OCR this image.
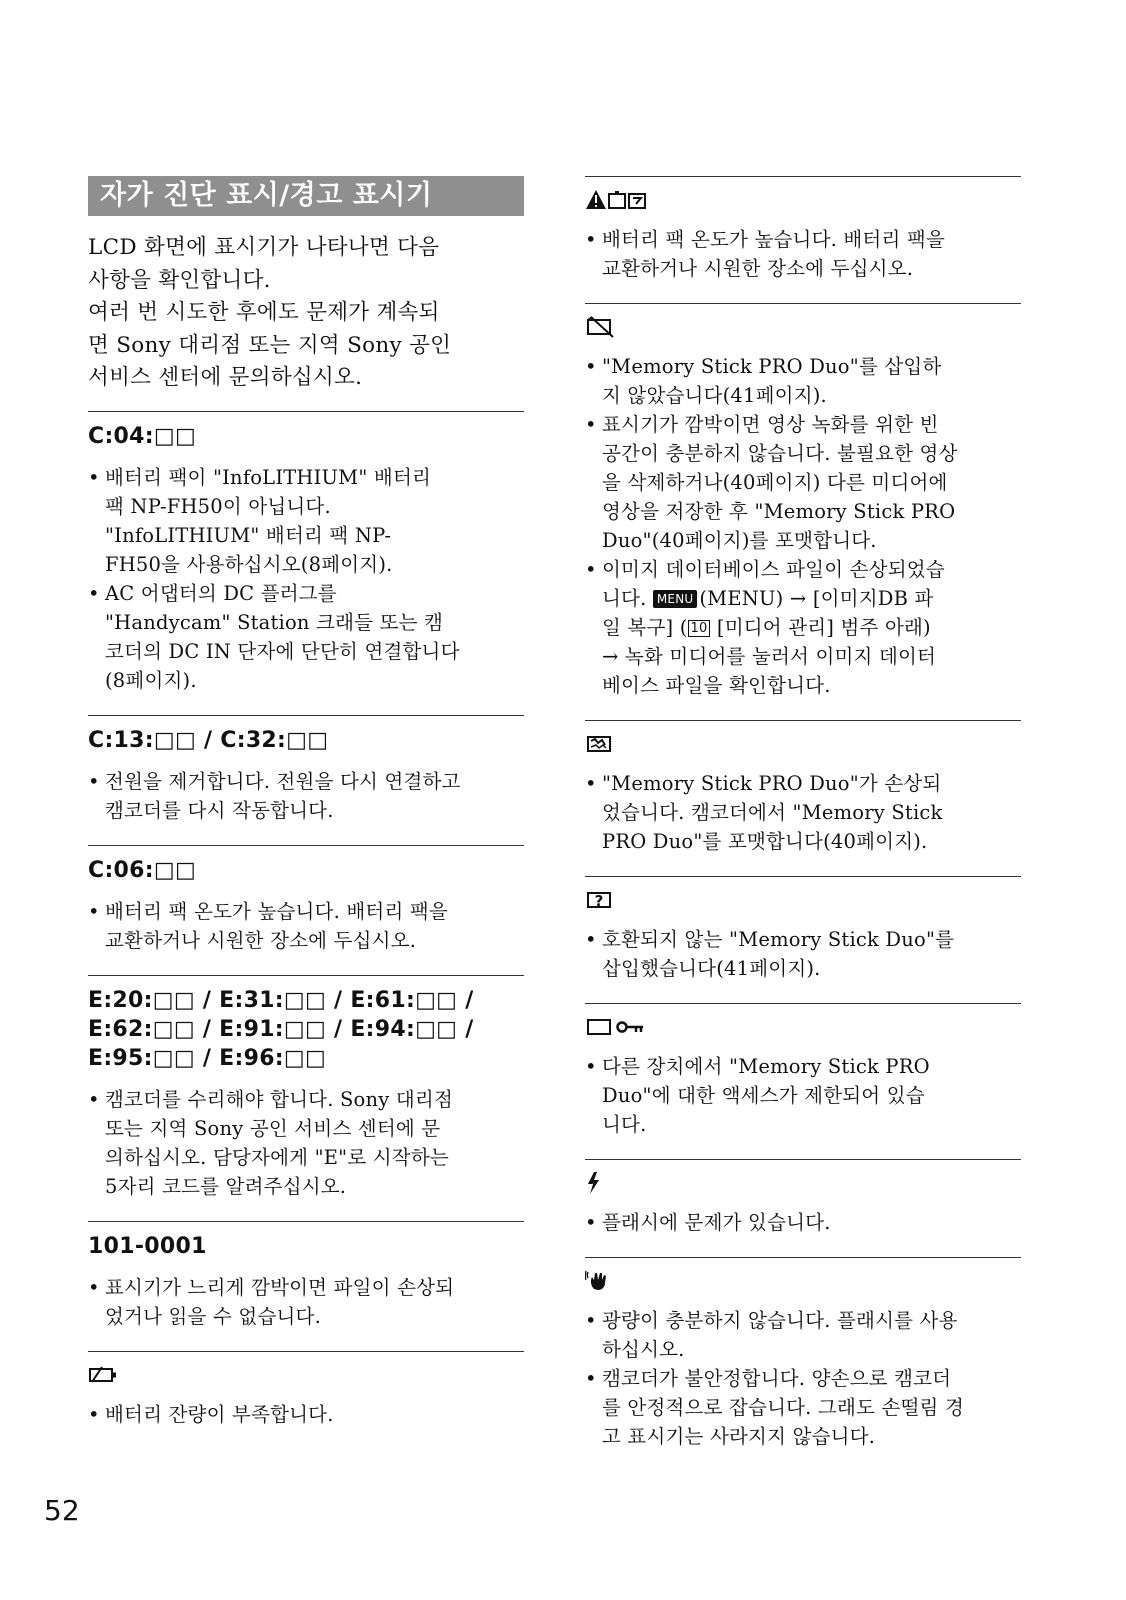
자가 진단 표시/경고 표시기
LCD 화면에 표시기가 나타나면 다음
사항을 확인합니다.
여러 번 시도한 후에도 문제가 계속되
면 Sony 대리점 또는 지역 Sony 공인
서비스 센터에 문의하십시오.
C:04:□□
• 배터리 팩이 "InfoLITHIUM" 배터리
팩 NP-FH50이 아닙니다.
"InfoLITHIUM" 배터리 팩 NP-
FH50을 사용하십시오(8페이지).
• AC 어댑터의 DC 플러그를
"Handycam" Station 크래들 또는 캠
코더의 DC IN 단자에 단단히 연결합니다
(8페이지).
C:13:□□ / C:32:□□
• 전원을 제거합니다. 전원을 다시 연결하고
캠코더를 다시 작동합니다.
C:06:□□
• 배터리 팩 온도가 높습니다. 배터리 팩을
교환하거나 시원한 장소에 두십시오.
E:20:□□ / E:31:□□ / E:61:□□ /
E:62:□□ / E:91:□□ / E:94:□□ /
E:95:□□ / E:96:□□
• 캠코더를 수리해야 합니다. Sony 대리점
또는 지역 Sony 공인 서비스 센터에 문
의하십시오. 담당자에게 "E"로 시작하는
5자리 코드를 알려주십시오.
101-0001
• 표시기가 느리게 깜박이면 파일이 손상되
었거나 읽을 수 없습니다.
• 배터리 잔량이 부족합니다.
• 배터리 팩 온도가 높습니다. 배터리 팩을
교환하거나 시원한 장소에 두십시오.
• "Memory Stick PRO Duo"를 삽입하
지 않았습니다(41페이지).
• 표시기가 깜박이면 영상 녹화를 위한 빈
공간이 충분하지 않습니다. 불필요한 영상
을 삭제하거나(40페이지) 다른 미디어에
영상을 저장한 후 "Memory Stick PRO
Duo"(40페이지)를 포맷합니다.
• 이미지 데이터베이스 파일이 손상되었습
니다. MENU (MENU) → [이미지DB 파
일 복구] ( 10 [미디어 관리] 범주 아래)
→ 녹화 미디어를 눌러서 이미지 데이터
베이스 파일을 확인합니다.
• "Memory Stick PRO Duo"가 손상되
었습니다. 캠코더에서 "Memory Stick
PRO Duo"를 포맷합니다(40페이지).
?
• 호환되지 않는 "Memory Stick Duo"를
삽입했습니다(41페이지).
• 다른 장치에서 "Memory Stick PRO
Duo"에 대한 액세스가 제한되어 있습
니다.
• 플래시에 문제가 있습니다.
• 광량이 충분하지 않습니다. 플래시를 사용
하십시오.
• 캠코더가 불안정합니다. 양손으로 캠코더
를 안정적으로 잡습니다. 그래도 손떨림 경
고 표시기는 사라지지 않습니다.
52
